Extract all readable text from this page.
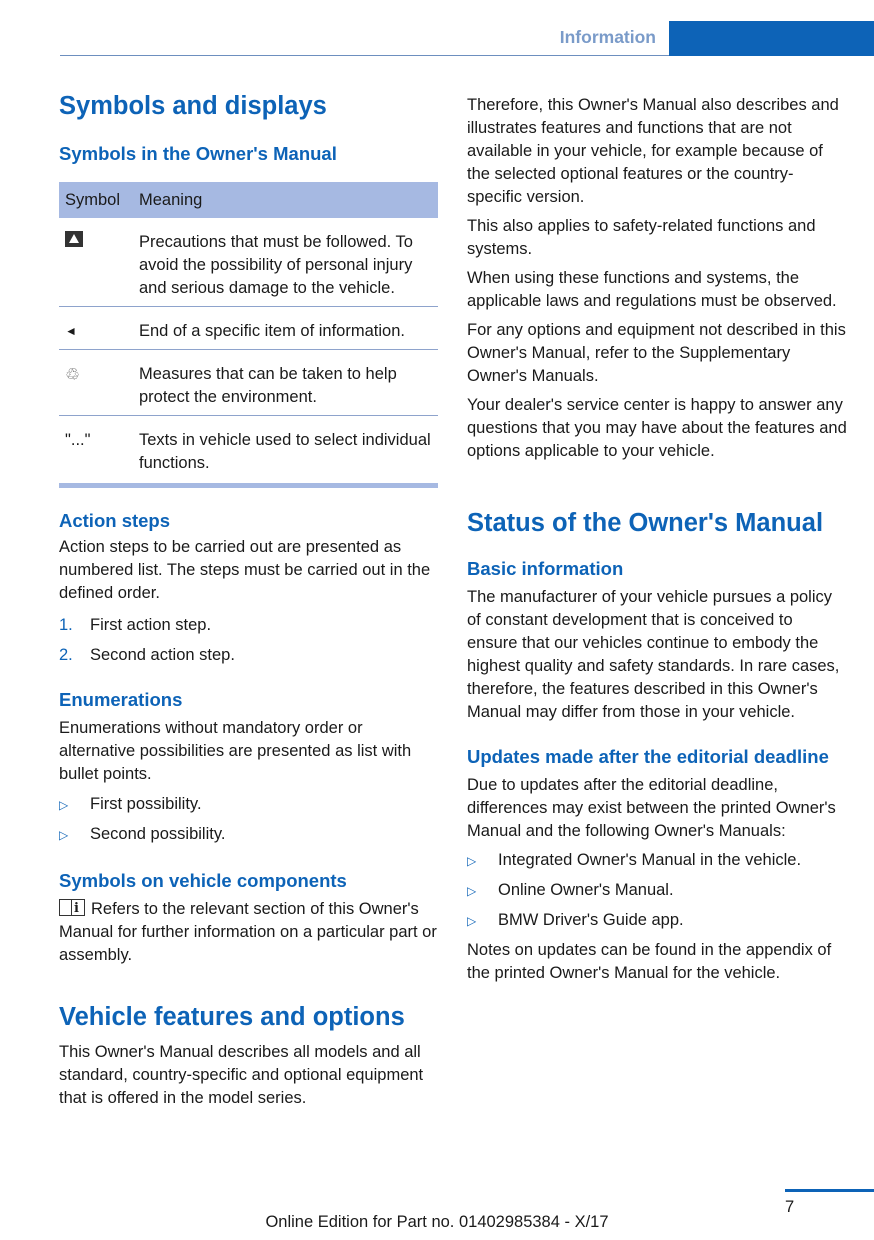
Information
Symbols and displays
Symbols in the Owner's Manual
Symbol	Meaning
	Precautions that must be followed. To avoid the possibility of personal injury and serious damage to the vehicle.
◄	End of a specific item of information.
♲	Measures that can be taken to help protect the environment.
"..."	Texts in vehicle used to select individual functions.
Action steps

Action steps to be carried out are presented as numbered list. The steps must be carried out in the defined order.

1.	First action step.
2.	Second action step.
Enumerations

Enumerations without mandatory order or alternative possibilities are presented as list with bullet points.

▷	First possibility.
▷	Second possibility.
Symbols on vehicle components

iRefers to the relevant section of this Owner's Manual for further information on a particular part or assembly.

Vehicle features and options

This Owner's Manual describes all models and all standard, country-specific and optional equipment that is offered in the model series.

Therefore, this Owner's Manual also describes and illustrates features and functions that are not available in your vehicle, for example because of the selected optional features or the country-specific version.

This also applies to safety-related functions and systems.

When using these functions and systems, the applicable laws and regulations must be observed.

For any options and equipment not described in this Owner's Manual, refer to the Supplementary Owner's Manuals.

Your dealer's service center is happy to answer any questions that you may have about the features and options applicable to your vehicle.

Status of the Owner's Manual
Basic information

The manufacturer of your vehicle pursues a policy of constant development that is conceived to ensure that our vehicles continue to embody the highest quality and safety standards. In rare cases, therefore, the features described in this Owner's Manual may differ from those in your vehicle.

Updates made after the editorial deadline

Due to updates after the editorial deadline, differences may exist between the printed Owner's Manual and the following Owner's Manuals:

▷	Integrated Owner's Manual in the vehicle.
▷	Online Owner's Manual.
▷	BMW Driver's Guide app.

Notes on updates can be found in the appendix of the printed Owner's Manual for the vehicle.

7
Online Edition for Part no. 01402985384 - X/17
